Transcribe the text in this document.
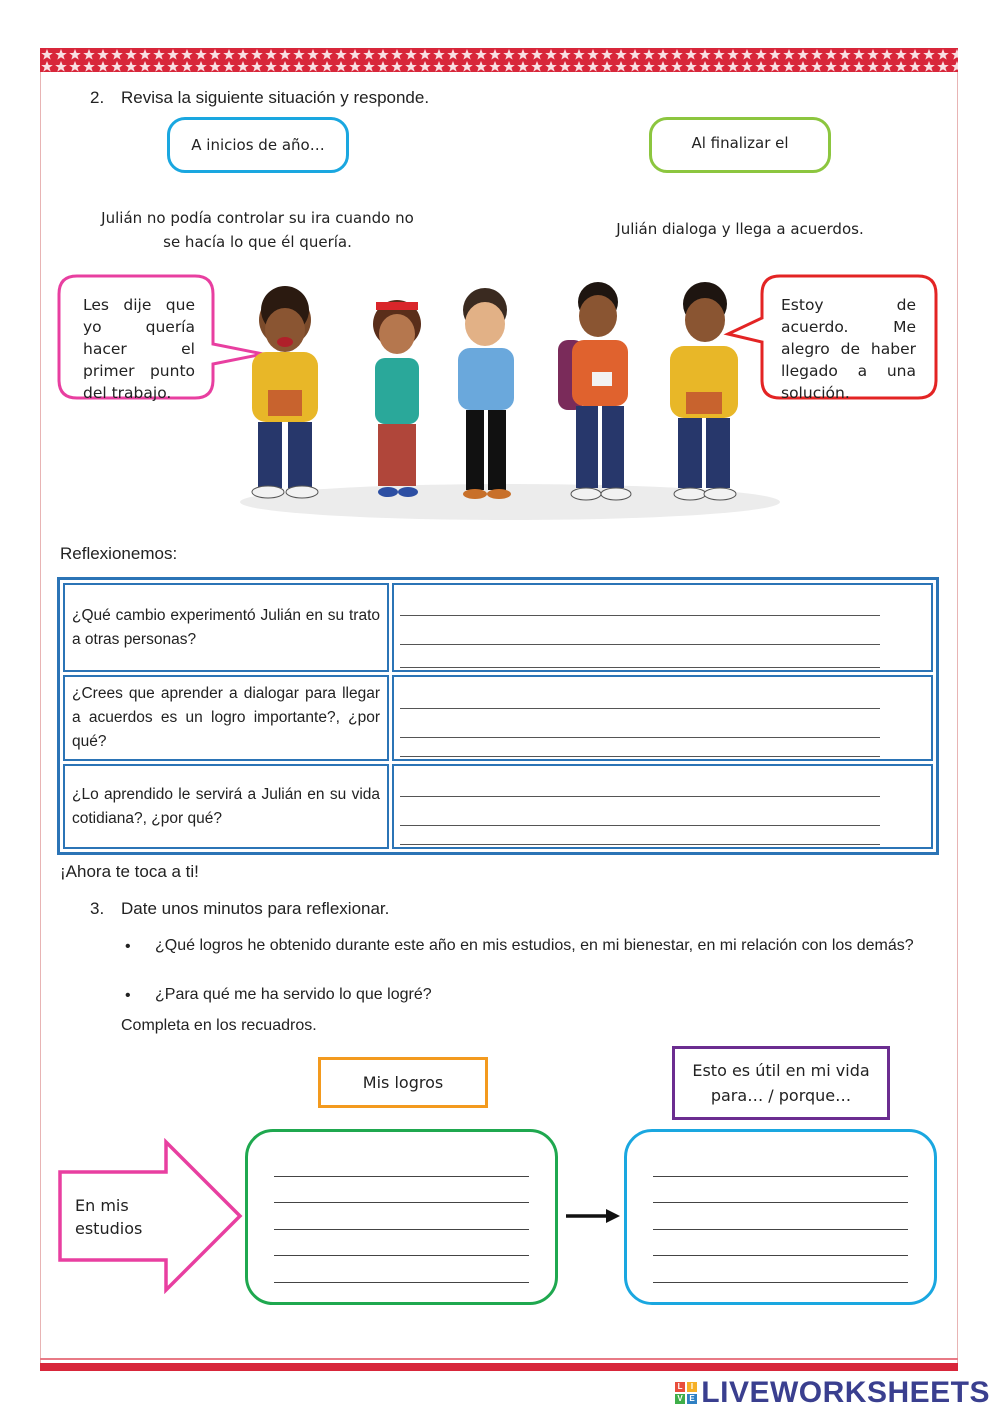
2. Revisa la siguiente situación y responde.
A inicios de año…	Al finalizar el
Julián no podía controlar su ira cuando no se hacía lo que él quería.
Julián dialoga y llega a acuerdos.
Les dije que yo quería hacer el primer punto del trabajo.
Estoy de acuerdo. Me alegro de haber llegado a una solución.
Reflexionemos:
¿Qué cambio experimentó Julián en su trato a otras personas?	

¿Crees que aprender a dialogar para llegar a acuerdos es un logro importante?, ¿por qué?	

¿Lo aprendido le servirá a Julián en su vida cotidiana?, ¿por qué?	

¡Ahora te toca a ti!
3. Date unos minutos para reflexionar.
• ¿Qué logros he obtenido durante este año en mis estudios, en mi bienestar, en mi relación con los demás?
• ¿Para qué me ha servido lo que logré?
Completa en los recuadros.
Mis logros
Esto es útil en mi vida para… / porque…
En mis estudios
L I
V E LIVEWORKSHEETS
